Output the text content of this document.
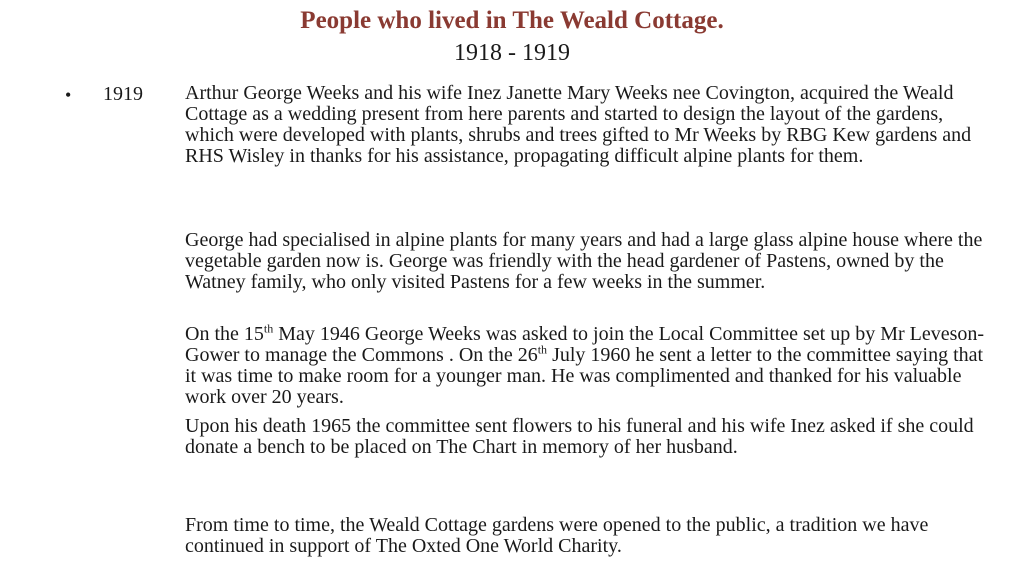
People who lived in The Weald Cottage.
1918 - 1919
• 1919 Arthur George Weeks and his wife Inez Janette Mary Weeks nee Covington, acquired the Weald Cottage as a wedding present from here parents and started to design the layout of the gardens, which were developed with plants, shrubs and trees gifted to Mr Weeks by RBG Kew gardens and RHS Wisley in thanks for his assistance, propagating difficult alpine plants for them.

George had specialised in alpine plants for many years and had a large glass alpine house where the vegetable garden now is. George was friendly with the head gardener of Pastens, owned by the Watney family, who only visited Pastens for a few weeks in the summer.

On the 15th May 1946 George Weeks was asked to join the Local Committee set up by Mr Leveson-Gower to manage the Commons . On the 26th July 1960 he sent a letter to the committee saying that it was time to make room for a younger man. He was complimented and thanked for his valuable work over 20 years.

Upon his death 1965 the committee sent flowers to his funeral and his wife Inez asked if she could donate a bench to be placed on The Chart in memory of her husband.

From time to time, the Weald Cottage gardens were opened to the public, a tradition we have continued in support of The Oxted One World Charity.
